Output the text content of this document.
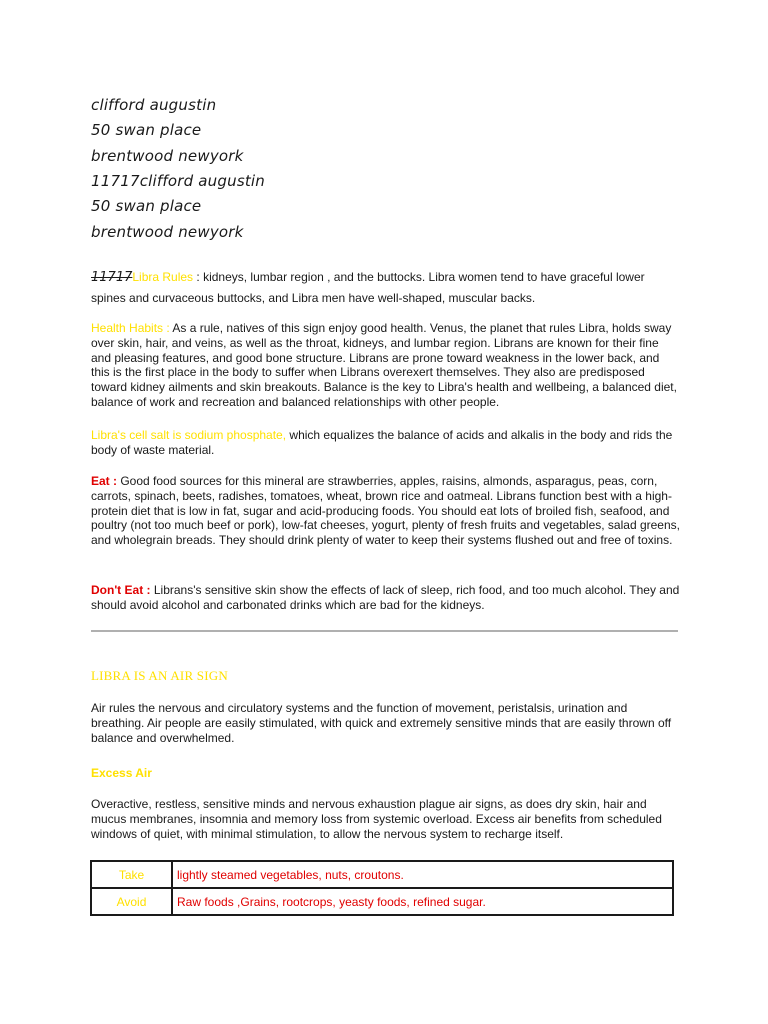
clifford augustin
50 swan place
brentwood newyork
11717clifford augustin
50 swan place
brentwood newyork

11717Libra Rules : kidneys, lumbar region , and the buttocks. Libra women tend to have graceful lower spines and curvaceous buttocks, and Libra men have well-shaped, muscular backs.

Health Habits : As a rule, natives of this sign enjoy good health. Venus, the planet that rules Libra, holds sway over skin, hair, and veins, as well as the throat, kidneys, and lumbar region. Librans are known for their fine and pleasing features, and good bone structure. Librans are prone toward weakness in the lower back, and this is the first place in the body to suffer when Librans overexert themselves. They also are predisposed toward kidney ailments and skin breakouts. Balance is the key to Libra's health and wellbeing, a balanced diet, balance of work and recreation and balanced relationships with other people.

Libra's cell salt is sodium phosphate, which equalizes the balance of acids and alkalis in the body and rids the body of waste material.

Eat : Good food sources for this mineral are strawberries, apples, raisins, almonds, asparagus, peas, corn, carrots, spinach, beets, radishes, tomatoes, wheat, brown rice and oatmeal. Librans function best with a high-protein diet that is low in fat, sugar and acid-producing foods. You should eat lots of broiled fish, seafood, and poultry (not too much beef or pork), low-fat cheeses, yogurt, plenty of fresh fruits and vegetables, salad greens, and wholegrain breads. They should drink plenty of water to keep their systems flushed out and free of toxins.

Don't Eat : Librans's sensitive skin show the effects of lack of sleep, rich food, and too much alcohol. They and should avoid alcohol and carbonated drinks which are bad for the kidneys.

LIBRA IS AN AIR SIGN

Air rules the nervous and circulatory systems and the function of movement, peristalsis, urination and breathing. Air people are easily stimulated, with quick and extremely sensitive minds that are easily thrown off balance and overwhelmed.

Excess Air

Overactive, restless, sensitive minds and nervous exhaustion plague air signs, as does dry skin, hair and mucus membranes, insomnia and memory loss from systemic overload. Excess air benefits from scheduled windows of quiet, with minimal stimulation, to allow the nervous system to recharge itself.

Take	lightly steamed vegetables, nuts, croutons.
Avoid	Raw foods ,Grains, rootcrops, yeasty foods, refined sugar.
